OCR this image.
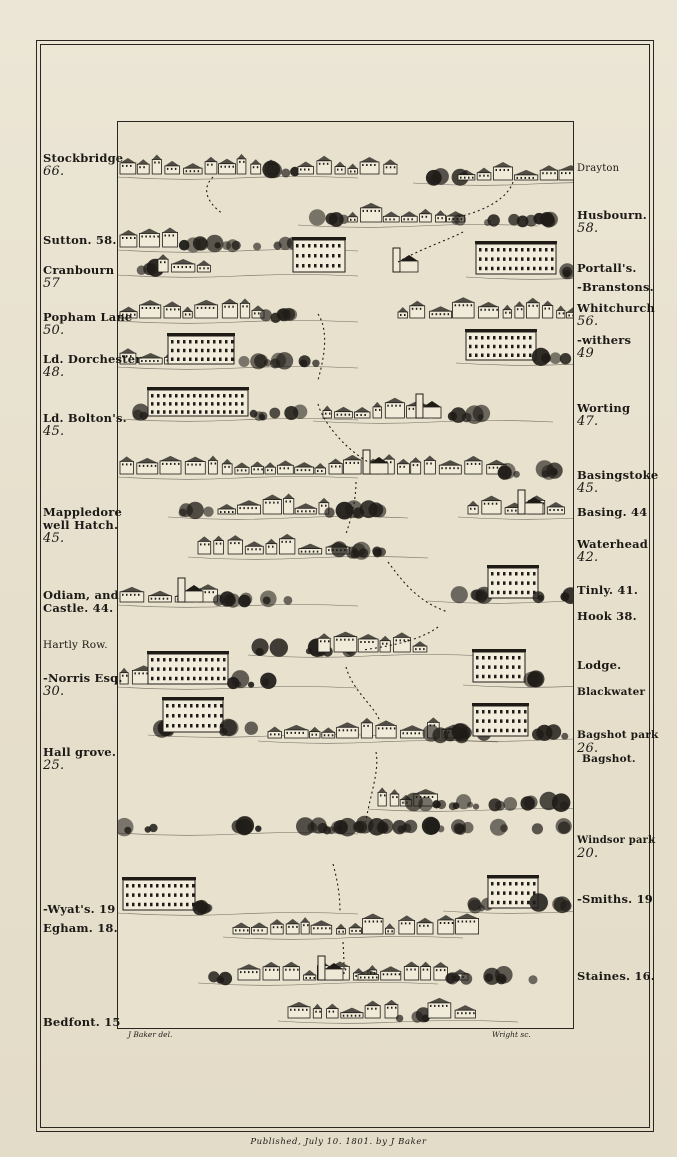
Stockbridge
66.
Sutton. 58.
Cranbourn
57
Popham Lane
50.
Ld. Dorchester
48.
Ld. Bolton's.
45.
Mappledore
well Hatch.
45.
Odiam, and
Castle. 44.
Hartly Row.
-Norris Esq.
30.
Hall grove.
25.
-Wyat's. 19
Egham. 18.
Bedfont. 15
Drayton
Husbourn.
58.
Portall's.
-Branstons.
Whitchurch
56.
-withers
49
Worting
47.
Basingstoke
45.
Basing. 44
Waterhead
42.
Tinly. 41.
Hook 38.
Lodge.
Blackwater
Bagshot park
26.
Bagshot.
Windsor park
20.
-Smiths. 19
Staines. 16.
J Baker del.	Wright sc.
Published, July 10. 1801. by J Baker
